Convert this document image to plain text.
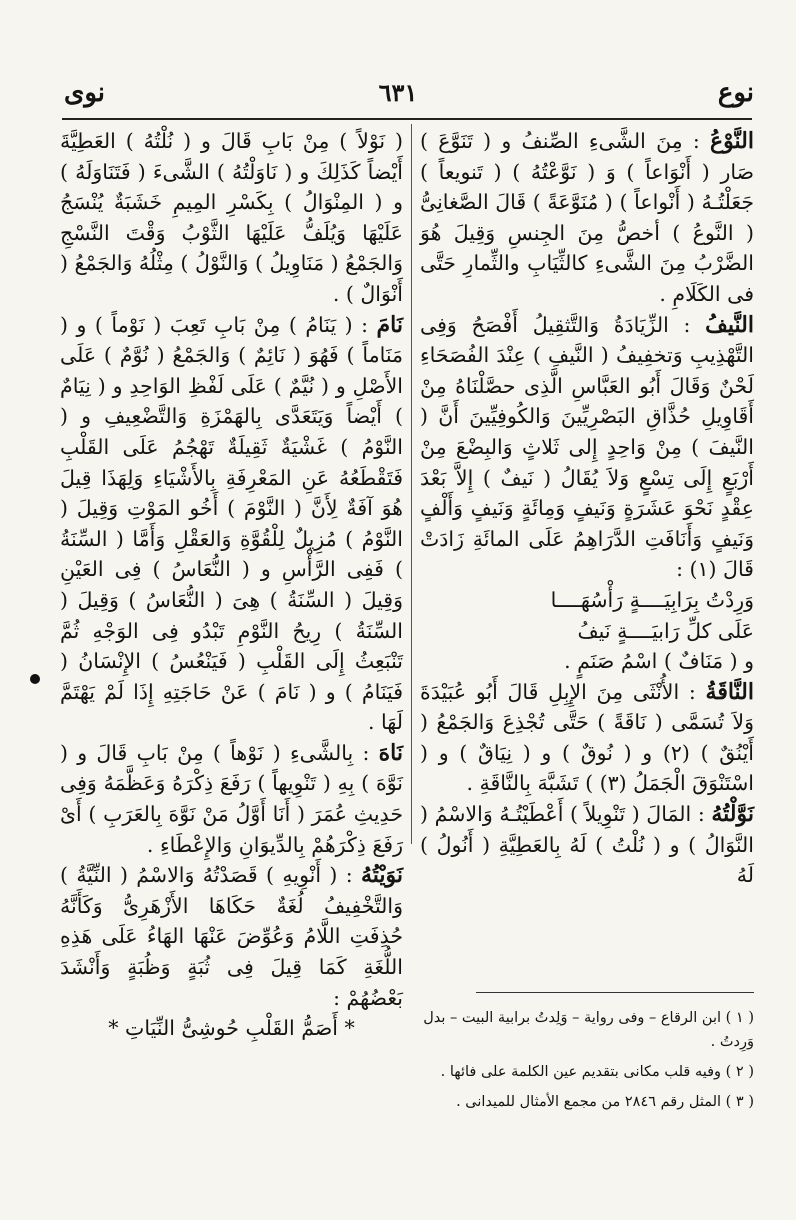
نوع
٦٣١
نوى

النَّوْعُ : مِنَ الشَّىءِ الصِّنفُ و ( تَنَوَّعَ ) صَار ( أَنْوَاعاً ) وَ ( نَوَّعْتُهُ ) ( تَنويعاً ) جَعَلْتُـهُ ( أَنْواعاً ) ( مُنَوَّعَةً ) قَالَ الصَّغانِىُّ ( النَّوعُ ) أخصُّ مِنَ الجِنسِ وَقِيلَ هُوَ الضَّرْبُ مِنَ الشَّىءِ كالثِّيَابِ والثِّمارِ حَتَّى فى الكَلَامِ .

النَّيفُ : الزِّيَادَةُ وَالتَّثقِيلُ أَفْصَحُ وَفِى التَّهْذِيبِ وَتخفِيفُ ( النَّيفِ ) عِنْدَ الفُصَحَاءِ لَحْنٌ وَقَالَ أَبُو العَبَّاسِ الَّذِى حصَّلْنَاهُ مِنْ أَقَاوِيلِ حُذَّاقِ البَصْرِيِّينَ وَالكُوفِيِّينَ أَنَّ ( النَّيفَ ) مِنْ وَاحِدٍ إِلى ثَلاثٍ وَالبِضْعَ مِنْ أَرْبَعٍ إِلَى تِسْعٍ وَلاَ يُقَالُ ( نَيفٌ ) إِلاَّ بَعْدَ عِقْدٍ نَحْوَ عَشَرَةٍ وَنَيفٍ وَمِائَةٍ وَنَيفٍ وَأَلْفٍ وَنَيفٍ وَأَنَافَتِ الدَّرَاهِمُ عَلَى المائَةِ زَادَتْ قَالَ (١) :

وَرِدْتُ بِرَابِيَــــةٍ رَأْسُهَــــا

عَلَى كلِّ رَابيَــــةٍ نَيفُ

و ( مَنَافٌ ) اسْمُ صَنَمٍ .

النَّاقَةُ : الأُنْثَى مِنَ الإِبِلِ قَالَ أَبُو عُبَيْدَةَ وَلاَ تُسَمَّى ( نَاقَةً ) حَتَّى تُجْذِعَ وَالجَمْعُ ( أَيْنُقٌ ) (٢) و ( نُوقٌ ) و ( نِيَاقٌ ) و ( اسْتَنْوَقَ الْجَمَلُ (٣) ) تَشَبَّهَ بِالنَّاقَةِ .

نَوَّلْتُهُ : المَالَ ( تَنْوِيلاً ) أَعْطَيْتُـهُ وَالاسْمُ ( النَّوَالُ ) و ( نُلْتُ ) لَهُ بِالعَطِيَّةِ ( أَنُولُ ) لَهُ

( نَوْلاً ) مِنْ بَابِ قَالَ و ( نُلْتُهُ ) العَطِيَّةَ أَيْضاً كَذَلِكَ و ( نَاوَلْتُهُ ) الشَّىءَ ( فَتَنَاوَلَهُ ) و ( المِنْوَالُ ) بِكَسْرِ المِيمِ خَشَبَةٌ يُنْسَجُ عَلَيْهَا وَيُلَفُّ عَلَيْهَا الثَّوْبُ وَقْتَ النَّسْجِ وَالجَمْعُ ( مَنَاوِيلُ ) وَالنَّوْلُ ) مِثْلُهُ وَالجَمْعُ ( أَنْوَالٌ ) .

نَامَ : ( يَنَامُ ) مِنْ بَابِ تَعِبَ ( نَوْماً ) و ( مَنَاماً ) فَهُوَ ( نَائِمٌ ) وَالجَمْعُ ( نُوَّمٌ ) عَلَى الأَصْلِ و ( نُيَّمٌ ) عَلَى لَفْظِ الوَاحِدِ و ( نِيَامٌ ) أَيْضاً وَيَتَعَدَّى بِالهَمْزَةِ وَالتَّضْعِيفِ و ( النَّوْمُ ) غَشْيَةٌ ثَقِيلَةٌ تَهْجُمُ عَلَى القَلْبِ فَتَقْطَعُهُ عَنِ المَعْرِفَةِ بِالأَشْيَاءِ وَلِهَذَا قِيلَ هُوَ آفَةٌ لِأَنَّ ( النَّوْمَ ) أَخُو المَوْتِ وَقِيلَ ( النَّوْمُ ) مُزِيلٌ لِلْقُوَّةِ وَالعَقْلِ وَأَمَّا ( السِّنَةُ ) فَفِى الرَّأْسِ و ( النُّعَاسُ ) فِى العَيْنِ وَقِيلَ ( السِّنَةُ ) هِىَ ( النُّعَاسُ ) وَقِيلَ ( السِّنَةُ ) رِيحُ النَّوْمِ تَبْدُو فِى الوَجْهِ ثُمَّ تَنْبَعِثُ إِلَى القَلْبِ ( فَيَنْعُسُ ) الإِنْسَانُ ( فَيَنَامُ ) و ( نَامَ ) عَنْ حَاجَتِهِ إِذَا لَمْ يَهْتَمَّ لَهَا .

نَاهَ : بِالشَّىءِ ( نَوْهاً ) مِنْ بَابِ قَالَ و ( نَوَّهَ ) بِهِ ( تَنْوِيهاً ) رَفَعَ ذِكْرَهُ وَعَظَّمَهُ وَفِى حَدِيثِ عُمَرَ ( أَنَا أَوَّلُ مَنْ نَوَّهَ بِالعَرَبِ ) أَىْ رَفَعَ ذِكْرَهُمْ بِالدِّيوَانِ وَالإِعْطَاءِ .

نَوَيْتُهُ : ( أَنْوِيهِ ) قَصَدْتُهُ وَالاسْمُ ( النِّيَّةُ ) وَالتَّخْفِيفُ لُغَةٌ حَكَاهَا الأَزْهَرِىُّ وَكَأَنَّهُ حُذِفَتِ اللَّامُ وَعُوِّضَ عَنْهَا الهَاءُ عَلَى هَذِهِ اللُّغَةِ كَمَا قِيلَ فِى ثُبَةٍ وَظُبَةٍ وَأَنْشَدَ بَعْضُهُمْ :

* أَصَمُّ القَلْبِ حُوشِىُّ النِّيَاتِ *	( ١ ) ابن الرقاع – وفى رواية – وَلِدتُ برابية البيت – بدل وَرِدتُ .

( ٢ ) وفيه قلب مكانى بتقديم عين الكلمة على فائها .

( ٣ ) المثل رقم ٢٨٤٦ من مجمع الأمثال للميدانى .
